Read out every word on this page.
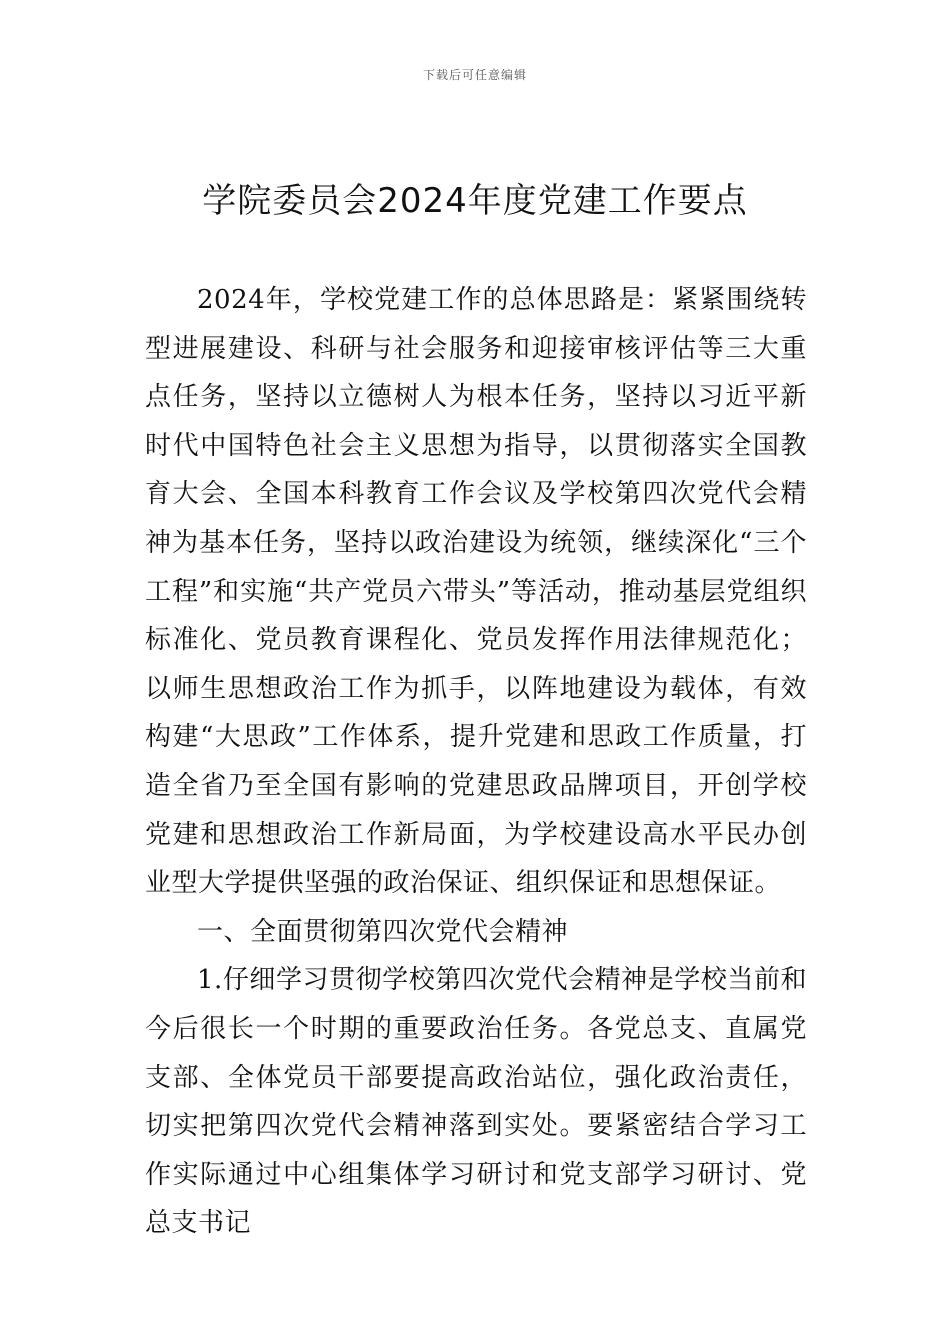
下载后可任意编辑
学院委员会2024年度党建工作要点

2024年，学校党建工作的总体思路是：紧紧围绕转型进展建设、科研与社会服务和迎接审核评估等三大重点任务，坚持以立德树人为根本任务，坚持以习近平新时代中国特色社会主义思想为指导，以贯彻落实全国教育大会、全国本科教育工作会议及学校第四次党代会精神为基本任务，坚持以政治建设为统领，继续深化“三个工程”和实施“共产党员六带头”等活动，推动基层党组织标准化、党员教育课程化、党员发挥作用法律规范化；以师生思想政治工作为抓手，以阵地建设为载体，有效构建“大思政”工作体系，提升党建和思政工作质量，打造全省乃至全国有影响的党建思政品牌项目，开创学校党建和思想政治工作新局面，为学校建设高水平民办创业型大学提供坚强的政治保证、组织保证和思想保证。

一、全面贯彻第四次党代会精神

1.仔细学习贯彻学校第四次党代会精神是学校当前和今后很长一个时期的重要政治任务。各党总支、直属党支部、全体党员干部要提高政治站位，强化政治责任，切实把第四次党代会精神落到实处。要紧密结合学习工作实际通过中心组集体学习研讨和党支部学习研讨、党总支书记
